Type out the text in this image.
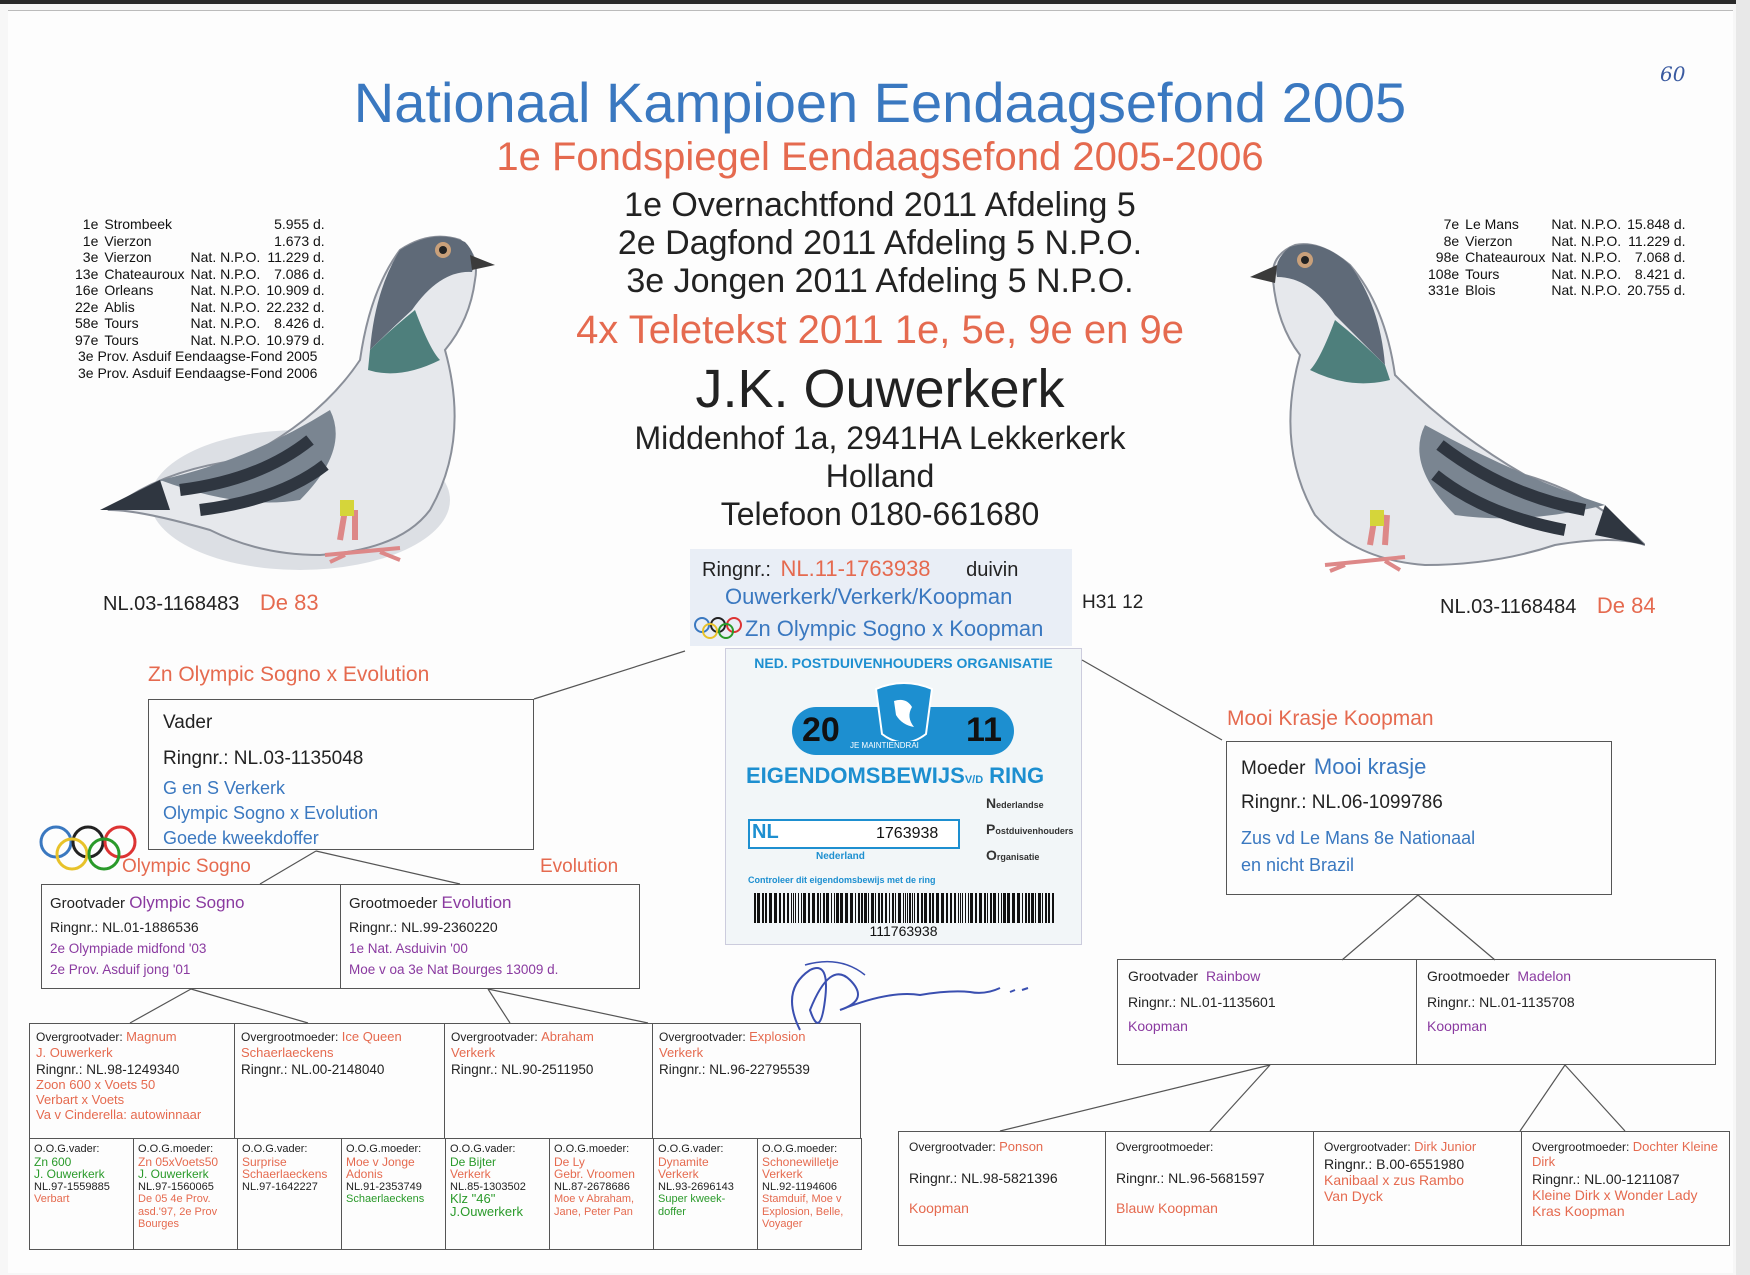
60
Nationaal Kampioen Eendaagsefond 2005
1e Fondspiegel Eendaagsefond 2005-2006
1e Overnachtfond 2011 Afdeling 5
2e Dagfond 2011 Afdeling 5 N.P.O.
3e Jongen 2011 Afdeling 5 N.P.O.
4x Teletekst 2011 1e, 5e, 9e en 9e
J.K. Ouwerkerk
Middenhof 1a, 2941HA Lekkerkerk
Holland
Telefoon 0180-661680
1e	Strombeek		5.955 d.
1e	Vierzon		1.673 d.
3e	Vierzon	Nat. N.P.O.	11.229 d.
13e	Chateauroux	Nat. N.P.O.	7.086 d.
16e	Orleans	Nat. N.P.O.	10.909 d.
22e	Ablis	Nat. N.P.O.	22.232 d.
58e	Tours	Nat. N.P.O.	8.426 d.
97e	Tours	Nat. N.P.O.	10.979 d.
3e Prov. Asduif Eendaagse-Fond 2005
3e Prov. Asduif Eendaagse-Fond 2006
7e	Le Mans	Nat. N.P.O.	15.848 d.
8e	Vierzon	Nat. N.P.O.	11.229 d.
98e	Chateauroux	Nat. N.P.O.	7.068 d.
108e	Tours	Nat. N.P.O.	8.421 d.
331e	Blois	Nat. N.P.O.	20.755 d.
NL.03-1168483 De 83	NL.03-1168484 De 84
Ringnr.: NL.11-1763938 duivin
Ouwerkerk/Verkerk/Koopman
Zn Olympic Sogno x Koopman
H31 12
NED. POSTDUIVENHOUDERS ORGANISATIE
20	11
JE MAINTIENDRAI
EIGENDOMSBEWIJSV/D RING
NL	1763938
Nederland
Nederlandse
Postduivenhouders
Organisatie
Controleer dit eigendomsbewijs met de ring
111763938
Zn Olympic Sogno x Evolution
Vader
Ringnr.: NL.03-1135048
G en S Verkerk
Olympic Sogno x Evolution
Goede kweekdoffer
Olympic Sogno	Evolution
Grootvader Olympic Sogno
Ringnr.: NL.01-1886536
2e Olympiade midfond '03
2e Prov. Asduif jong '01
Grootmoeder Evolution
Ringnr.: NL.99-2360220
1e Nat. Asduivin '00
Moe v oa 3e Nat Bourges 13009 d.
Overgrootvader: Magnum
J. Ouwerkerk
Ringnr.: NL.98-1249340
Zoon 600 x Voets 50
Verbart x Voets
Va v Cinderella: autowinnaar
Overgrootmoeder: Ice Queen
Schaerlaeckens
Ringnr.: NL.00-2148040
Overgrootvader: Abraham
Verkerk
Ringnr.: NL.90-2511950
Overgrootvader: Explosion
Verkerk
Ringnr.: NL.96-22795539
O.O.G.vader:
Zn 600
J. Ouwerkerk
NL.97-1559885
Verbart
O.O.G.moeder:
Zn 05xVoets50
J. Ouwerkerk
NL.97-1560065
De 05 4e Prov. asd.'97, 2e Prov Bourges
O.O.G.vader:
Surprise
Schaerlaeckens
NL.97-1642227
O.O.G.moeder:
Moe v Jonge
Adonis
NL.91-2353749
Schaerlaeckens
O.O.G.vader:
De Bijter
Verkerk
NL.85-1303502
Klz "46"
J.Ouwerkerk
O.O.G.moeder:
De Ly
Gebr. Vroomen
NL.87-2678686
Moe v Abraham, Jane, Peter Pan
O.O.G.vader:
Dynamite
Verkerk
NL.93-2696143
Super kweek-doffer
O.O.G.moeder:
Schonewilletje
Verkerk
NL.92-1194606
Stamduif, Moe v Explosion, Belle, Voyager
Mooi Krasje Koopman
Moeder Mooi krasje
Ringnr.: NL.06-1099786
Zus vd Le Mans 8e Nationaal
en nicht Brazil
Grootvader Rainbow
Ringnr.: NL.01-1135601
Koopman
Grootmoeder Madelon
Ringnr.: NL.01-1135708
Koopman
Overgrootvader: Ponson
Ringnr.: NL.98-5821396
Koopman
Overgrootmoeder:
Ringnr.: NL.96-5681597
Blauw Koopman
Overgrootvader: Dirk Junior
Ringnr.: B.00-6551980
Kanibaal x zus Rambo
Van Dyck
Overgrootmoeder: Dochter Kleine Dirk
Ringnr.: NL.00-1211087
Kleine Dirk x Wonder Lady
Kras Koopman
